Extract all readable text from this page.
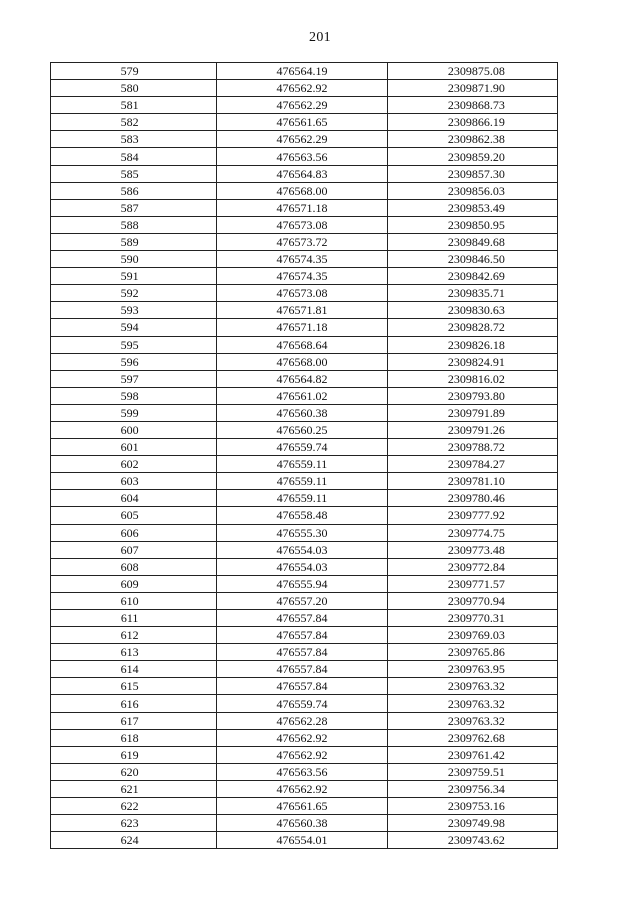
201
579	476564.19	2309875.08
580	476562.92	2309871.90
581	476562.29	2309868.73
582	476561.65	2309866.19
583	476562.29	2309862.38
584	476563.56	2309859.20
585	476564.83	2309857.30
586	476568.00	2309856.03
587	476571.18	2309853.49
588	476573.08	2309850.95
589	476573.72	2309849.68
590	476574.35	2309846.50
591	476574.35	2309842.69
592	476573.08	2309835.71
593	476571.81	2309830.63
594	476571.18	2309828.72
595	476568.64	2309826.18
596	476568.00	2309824.91
597	476564.82	2309816.02
598	476561.02	2309793.80
599	476560.38	2309791.89
600	476560.25	2309791.26
601	476559.74	2309788.72
602	476559.11	2309784.27
603	476559.11	2309781.10
604	476559.11	2309780.46
605	476558.48	2309777.92
606	476555.30	2309774.75
607	476554.03	2309773.48
608	476554.03	2309772.84
609	476555.94	2309771.57
610	476557.20	2309770.94
611	476557.84	2309770.31
612	476557.84	2309769.03
613	476557.84	2309765.86
614	476557.84	2309763.95
615	476557.84	2309763.32
616	476559.74	2309763.32
617	476562.28	2309763.32
618	476562.92	2309762.68
619	476562.92	2309761.42
620	476563.56	2309759.51
621	476562.92	2309756.34
622	476561.65	2309753.16
623	476560.38	2309749.98
624	476554.01	2309743.62
